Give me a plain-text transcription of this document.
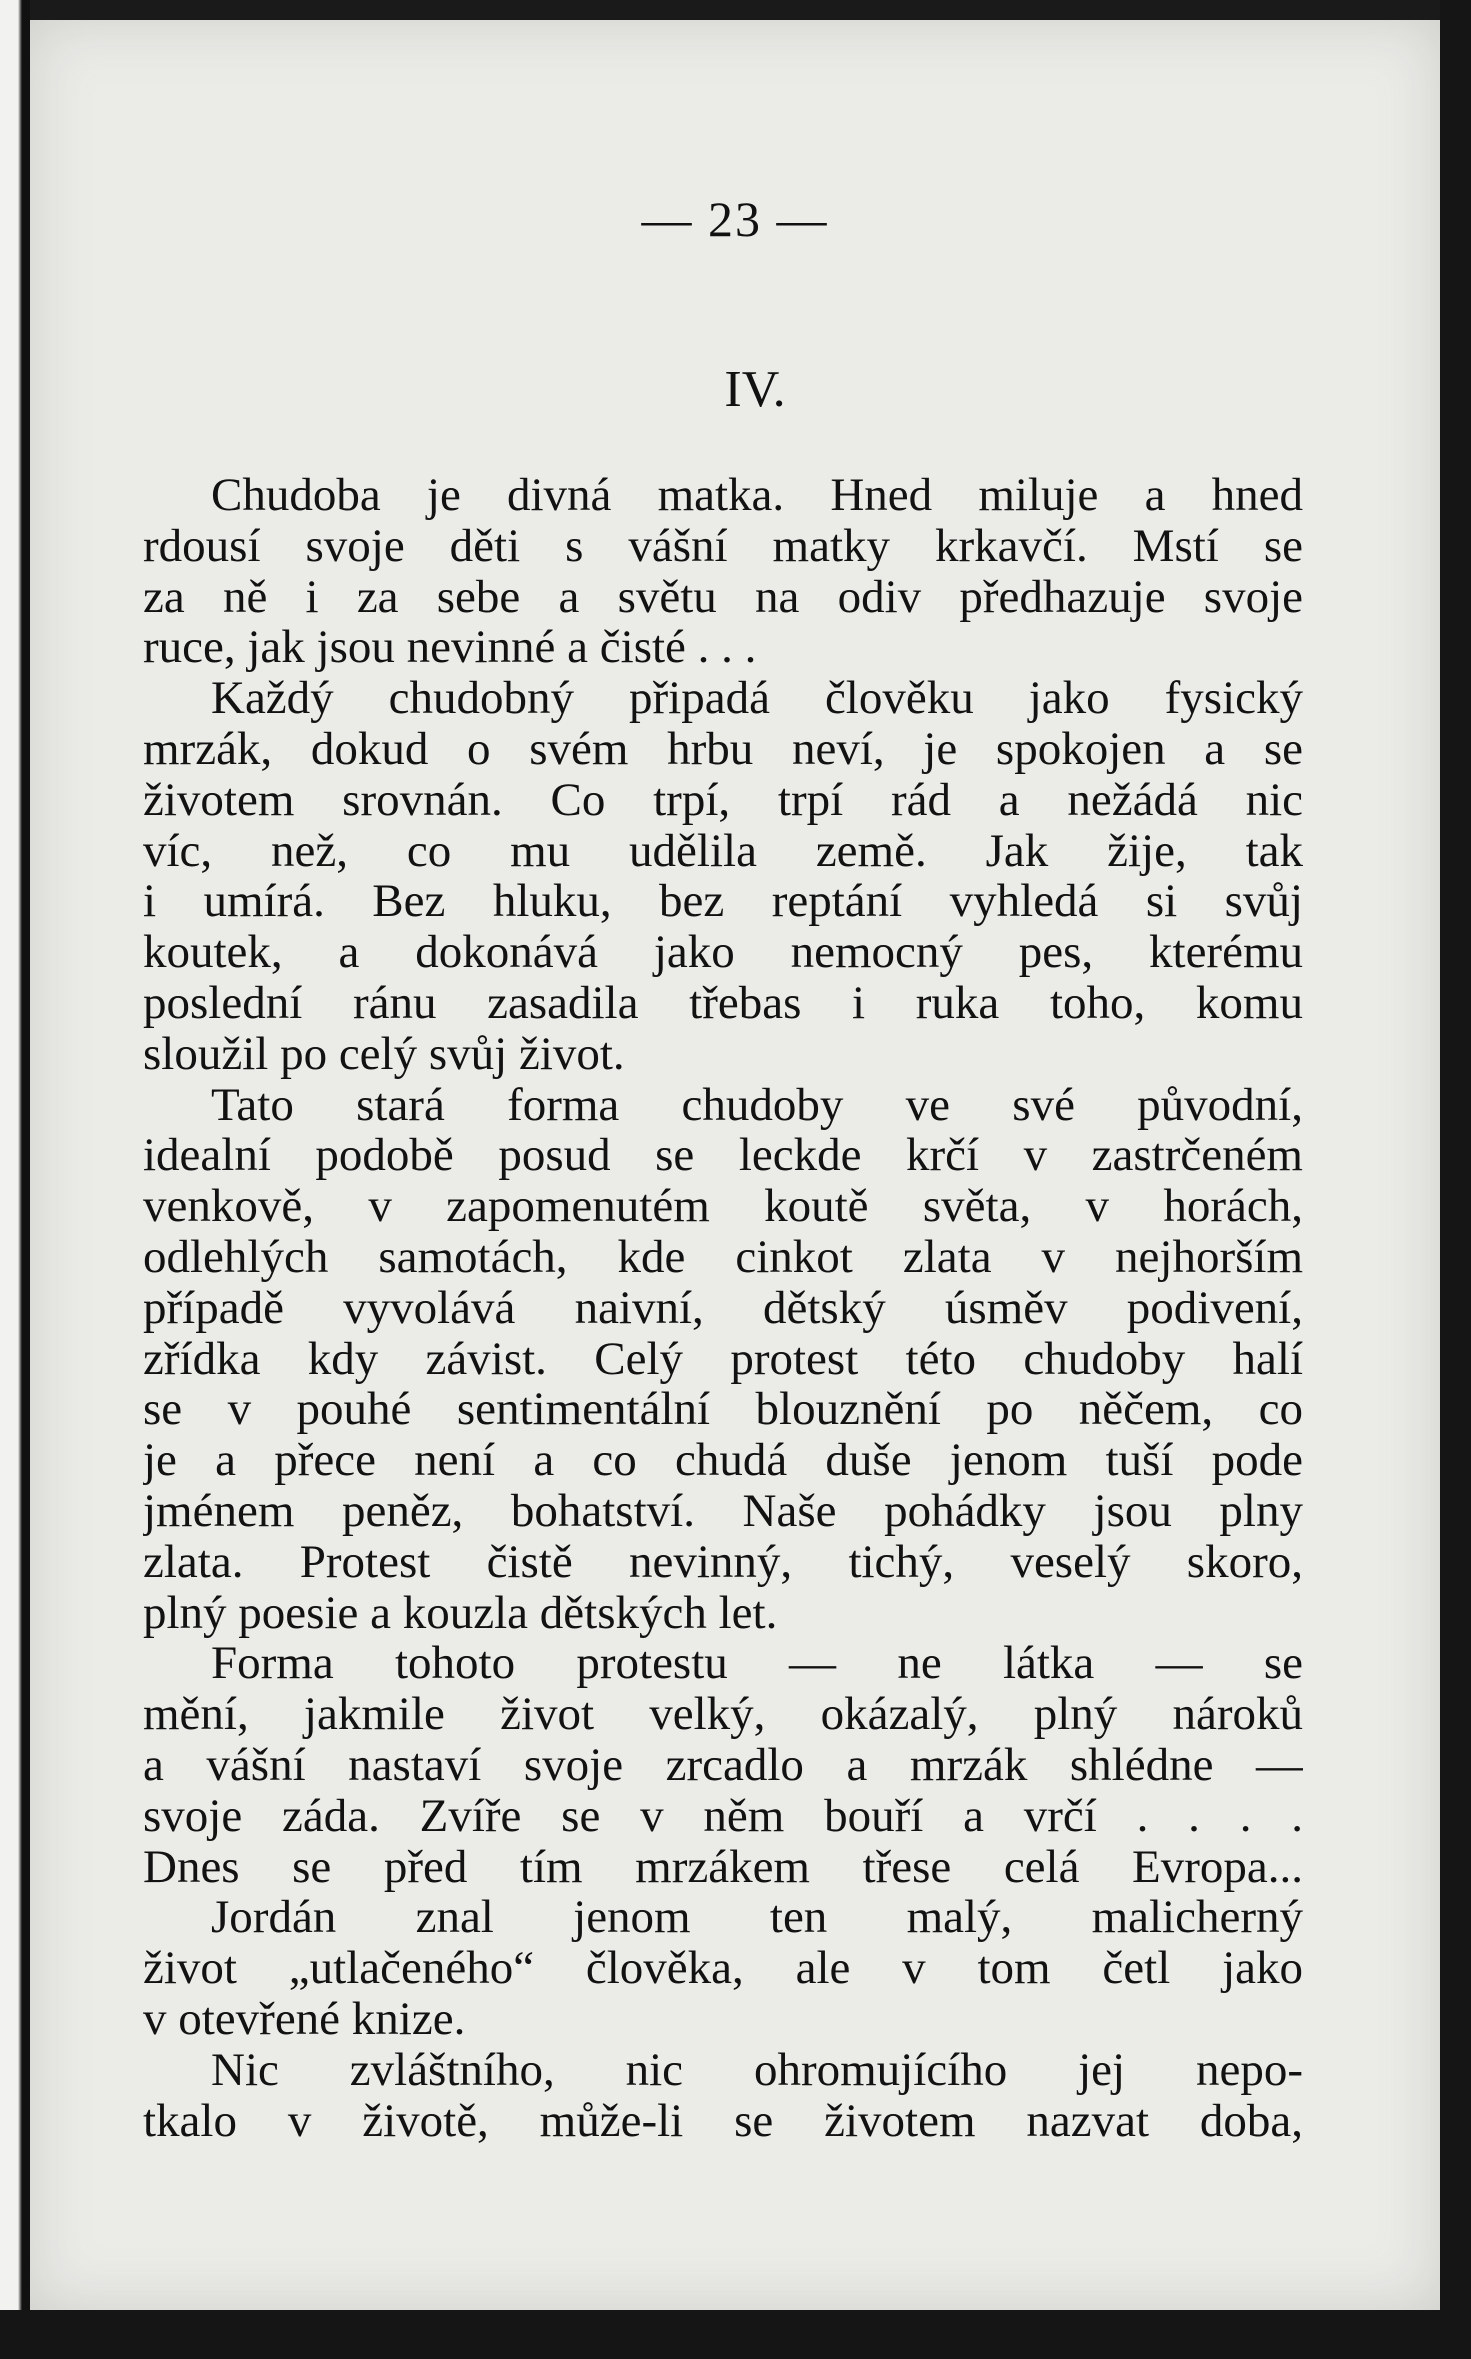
— 23 —
IV.
Chudoba je divná matka. Hned miluje a hned
rdousí svoje děti s vášní matky krkavčí. Mstí se
za ně i za sebe a světu na odiv předhazuje svoje
ruce, jak jsou nevinné a čisté . . .
Každý chudobný připadá člověku jako fysický
mrzák, dokud o svém hrbu neví, je spokojen a se
životem srovnán. Co trpí, trpí rád a nežádá nic
víc, než, co mu udělila země. Jak žije, tak
i umírá. Bez hluku, bez reptání vyhledá si svůj
koutek, a dokonává jako nemocný pes, kterému
poslední ránu zasadila třebas i ruka toho, komu
sloužil po celý svůj život.
Tato stará forma chudoby ve své původní,
idealní podobě posud se leckde krčí v zastrčeném
venkově, v zapomenutém koutě světa, v horách,
odlehlých samotách, kde cinkot zlata v nejhorším
případě vyvolává naivní, dětský úsměv podivení,
zřídka kdy závist. Celý protest této chudoby halí
se v pouhé sentimentální blouznění po něčem, co
je a přece není a co chudá duše jenom tuší pode
jménem peněz, bohatství. Naše pohádky jsou plny
zlata. Protest čistě nevinný, tichý, veselý skoro,
plný poesie a kouzla dětských let.
Forma tohoto protestu — ne látka — se
mění, jakmile život velký, okázalý, plný nároků
a vášní nastaví svoje zrcadlo a mrzák shlédne —
svoje záda. Zvíře se v něm bouří a vrčí . . . .
Dnes se před tím mrzákem třese celá Evropa...
Jordán znal jenom ten malý, malicherný
život „utlačeného“ člověka, ale v tom četl jako
v otevřené knize.
Nic zvláštního, nic ohromujícího jej nepo-
tkalo v životě, může-li se životem nazvat doba,
